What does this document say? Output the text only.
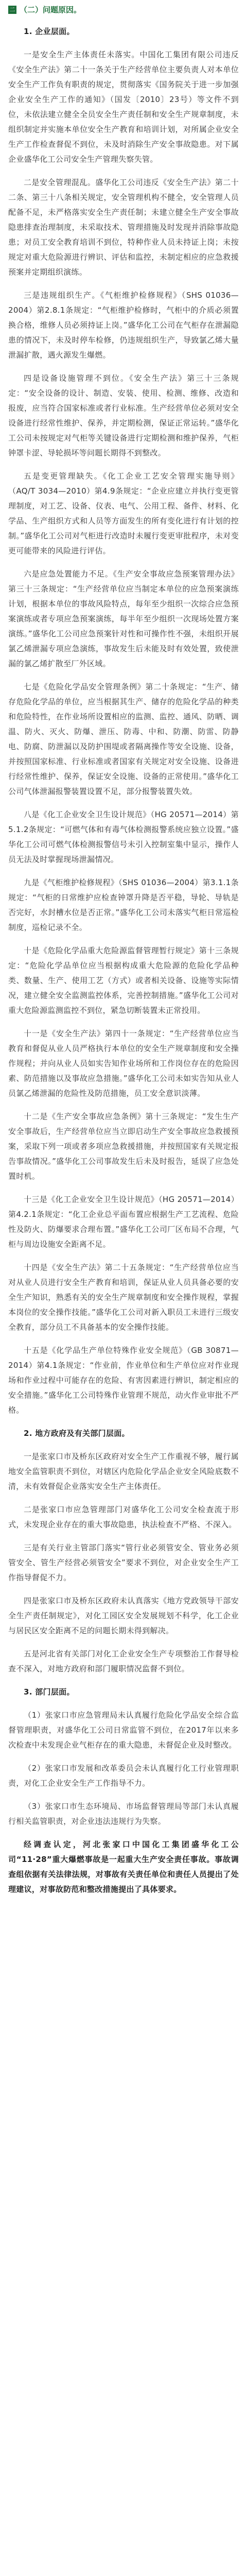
二 （二）问题原因。

1. 企业层面。

一是安全生产主体责任未落实。中国化工集团有限公司违反《安全生产法》第二十一条关于生产经营单位主要负责人对本单位安全生产工作负有职责的规定，贯彻落实《国务院关于进一步加强企业安全生产工作的通知》（国发〔2010〕23号）等文件不到位，未依法建立健全全员安全生产责任制和安全生产规章制度，未组织制定并实施本单位安全生产教育和培训计划，对所属企业安全生产工作检查督促不到位，未及时消除生产安全事故隐患。对下属企业盛华化工公司安全生产管理失察失管。

二是安全管理混乱。盛华化工公司违反《安全生产法》第二十二条、第三十八条相关规定，安全管理机构不健全，安全管理人员配备不足，未严格落实安全生产责任制；未建立健全生产安全事故隐患排查治理制度，未采取技术、管理措施及时发现并消除事故隐患；对员工安全教育培训不到位，特种作业人员未持证上岗；未按规定对重大危险源进行辨识、评估和监控，未制定相应的应急救援预案并定期组织演练。

三是违规组织生产。《气柜维护检修规程》（SHS 01036—2004）第2.8.1条规定：“气柜维护检修时，气柜中的介质必须置换合格，维修人员必须持证上岗。”盛华化工公司在气柜存在泄漏隐患的情况下，未及时停车检修，仍违规组织生产，导致氯乙烯大量泄漏扩散，遇火源发生爆燃。

四是设备设施管理不到位。《安全生产法》第三十三条规定：“安全设备的设计、制造、安装、使用、检测、维修、改造和报废，应当符合国家标准或者行业标准。生产经营单位必须对安全设备进行经常性维护、保养，并定期检测，保证正常运转。”盛华化工公司未按规定对气柜等关键设备进行定期检测和维护保养，气柜钟罩卡涩、导轮损坏等问题长期得不到整改。

五是变更管理缺失。《化工企业工艺安全管理实施导则》（AQ/T 3034—2010）第4.9条规定：“企业应建立并执行变更管理制度，对工艺、设备、仪表、电气、公用工程、备件、材料、化学品、生产组织方式和人员等方面发生的所有变化进行有计划的控制。”盛华化工公司对气柜进行改造时未履行变更审批程序，未对变更可能带来的风险进行评估。

六是应急处置能力不足。《生产安全事故应急预案管理办法》第三十三条规定：“生产经营单位应当制定本单位的应急预案演练计划，根据本单位的事故风险特点，每年至少组织一次综合应急预案演练或者专项应急预案演练，每半年至少组织一次现场处置方案演练。”盛华化工公司应急预案针对性和可操作性不强，未组织开展氯乙烯泄漏专项应急演练，事故发生后未能及时有效处置，致使泄漏的氯乙烯扩散至厂外区域。

七是《危险化学品安全管理条例》第二十条规定：“生产、储存危险化学品的单位，应当根据其生产、储存的危险化学品的种类和危险特性，在作业场所设置相应的监测、监控、通风、防晒、调温、防火、灭火、防爆、泄压、防毒、中和、防潮、防雷、防静电、防腐、防泄漏以及防护围堤或者隔离操作等安全设施、设备，并按照国家标准、行业标准或者国家有关规定对安全设施、设备进行经常性维护、保养，保证安全设施、设备的正常使用。”盛华化工公司气体泄漏报警装置设置不足，部分报警装置失效。

八是《化工企业安全卫生设计规范》（HG 20571—2014）第5.1.2条规定：“可燃气体和有毒气体检测报警系统应独立设置。”盛华化工公司可燃气体检测报警信号未引入控制室集中显示，操作人员无法及时掌握现场泄漏情况。

九是《气柜维护检修规程》（SHS 01036—2004）第3.1.1条规定：“气柜的日常维护应检查钟罩升降是否平稳，导轮、导轨是否完好，水封槽水位是否正常。”盛华化工公司未落实气柜日常巡检制度，巡检记录不全。

十是《危险化学品重大危险源监督管理暂行规定》第十三条规定：“危险化学品单位应当根据构成重大危险源的危险化学品种类、数量、生产、使用工艺（方式）或者相关设备、设施等实际情况，建立健全安全监测监控体系，完善控制措施。”盛华化工公司对重大危险源监测监控不到位，紧急切断装置未正常投用。

十一是《安全生产法》第四十一条规定：“生产经营单位应当教育和督促从业人员严格执行本单位的安全生产规章制度和安全操作规程；并向从业人员如实告知作业场所和工作岗位存在的危险因素、防范措施以及事故应急措施。”盛华化工公司未如实告知从业人员氯乙烯泄漏的危险性及防范措施，员工安全意识淡薄。

十二是《生产安全事故应急条例》第十三条规定：“发生生产安全事故后，生产经营单位应当立即启动生产安全事故应急救援预案，采取下列一项或者多项应急救援措施，并按照国家有关规定报告事故情况。”盛华化工公司事故发生后未及时报告，延误了应急处置时机。

十三是《化工企业安全卫生设计规范》（HG 20571—2014）第4.2.1条规定：“化工企业总平面布置应根据生产工艺流程、危险性及防火、防爆要求合理布置。”盛华化工公司厂区布局不合理，气柜与周边设施安全距离不足。

十四是《安全生产法》第二十五条规定：“生产经营单位应当对从业人员进行安全生产教育和培训，保证从业人员具备必要的安全生产知识，熟悉有关的安全生产规章制度和安全操作规程，掌握本岗位的安全操作技能。”盛华化工公司对新入职员工未进行三级安全教育，部分员工不具备基本的安全操作技能。

十五是《化学品生产单位特殊作业安全规范》（GB 30871—2014）第4.1条规定：“作业前，作业单位和生产单位应对作业现场和作业过程中可能存在的危险、有害因素进行辨识，制定相应的安全措施。”盛华化工公司特殊作业管理不规范，动火作业审批不严格。

2. 地方政府及有关部门层面。

一是张家口市及桥东区政府对安全生产工作重视不够，履行属地安全监管职责不到位，对辖区内危险化学品企业安全风险底数不清，未有效督促企业落实安全生产主体责任。

二是张家口市应急管理部门对盛华化工公司安全检查流于形式，未发现企业存在的重大事故隐患，执法检查不严格、不深入。

三是有关行业主管部门落实“管行业必须管安全、管业务必须管安全、管生产经营必须管安全”要求不到位，对企业安全生产工作指导督促不力。

四是张家口市及桥东区政府未认真落实《地方党政领导干部安全生产责任制规定》，对化工园区安全发展规划不科学，化工企业与居民区安全距离不足的问题长期未得到解决。

五是河北省有关部门对化工企业安全生产专项整治工作督导检查不深入，对地方政府和部门履职情况监督不到位。

3. 部门层面。

（1）张家口市应急管理局未认真履行危险化学品安全综合监督管理职责，对盛华化工公司日常监管不到位，在2017年以来多次检查中未发现企业气柜存在的重大隐患，未督促企业及时整改。

（2）张家口市发展和改革委员会未认真履行化工行业管理职责，对化工企业安全生产工作指导不力。

（3）张家口市生态环境局、市场监督管理局等部门未认真履行相关监管职责，对企业违法违规行为失察。

经调查认定，河北张家口中国化工集团盛华化工公司“11·28”重大爆燃事故是一起重大生产安全责任事故。事故调查组依据有关法律法规，对事故有关责任单位和责任人员提出了处理建议，对事故防范和整改措施提出了具体要求。
